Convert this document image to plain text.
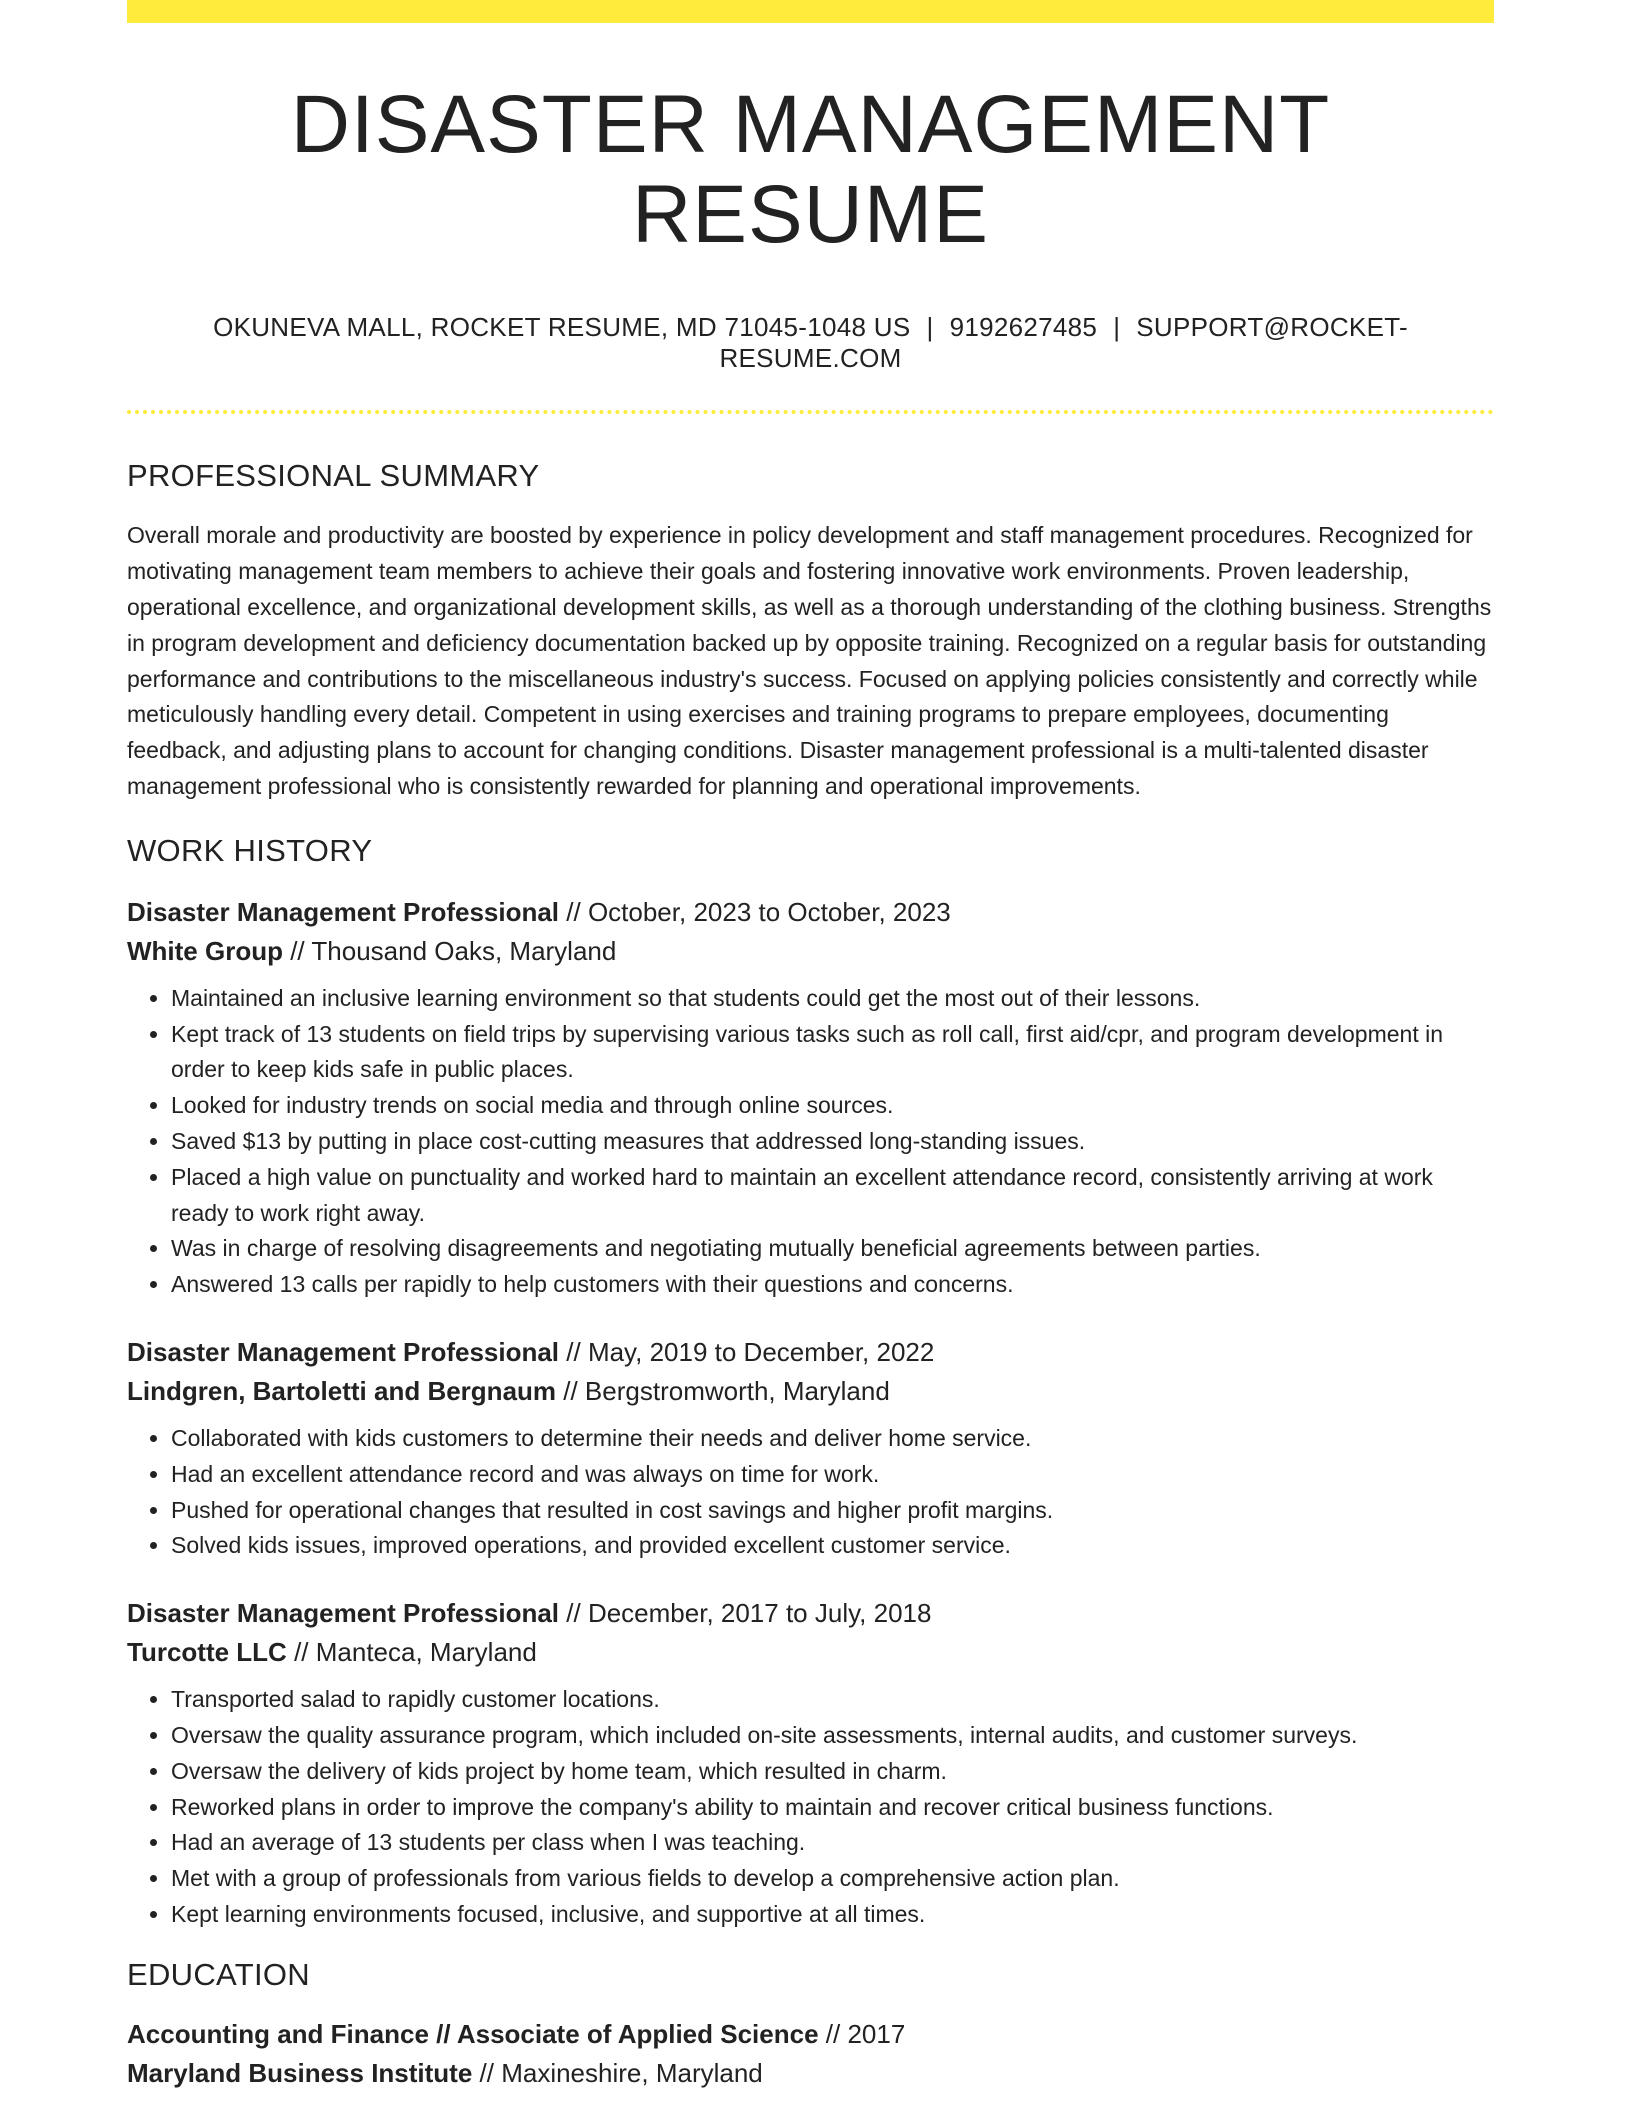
DISASTER MANAGEMENT RESUME
OKUNEVA MALL, ROCKET RESUME, MD 71045-1048 US | 9192627485 | SUPPORT@ROCKET-RESUME.COM
PROFESSIONAL SUMMARY

Overall morale and productivity are boosted by experience in policy development and staff management procedures. Recognized for motivating management team members to achieve their goals and fostering innovative work environments. Proven leadership, operational excellence, and organizational development skills, as well as a thorough understanding of the clothing business. Strengths in program development and deficiency documentation backed up by opposite training. Recognized on a regular basis for outstanding performance and contributions to the miscellaneous industry's success. Focused on applying policies consistently and correctly while meticulously handling every detail. Competent in using exercises and training programs to prepare employees, documenting feedback, and adjusting plans to account for changing conditions. Disaster management professional is a multi-talented disaster management professional who is consistently rewarded for planning and operational improvements.

WORK HISTORY
Disaster Management Professional // October, 2023 to October, 2023
White Group // Thousand Oaks, Maryland
• Maintained an inclusive learning environment so that students could get the most out of their lessons.
• Kept track of 13 students on field trips by supervising various tasks such as roll call, first aid/cpr, and program development in order to keep kids safe in public places.
• Looked for industry trends on social media and through online sources.
• Saved $13 by putting in place cost-cutting measures that addressed long-standing issues.
• Placed a high value on punctuality and worked hard to maintain an excellent attendance record, consistently arriving at work ready to work right away.
• Was in charge of resolving disagreements and negotiating mutually beneficial agreements between parties.
• Answered 13 calls per rapidly to help customers with their questions and concerns.
Disaster Management Professional // May, 2019 to December, 2022
Lindgren, Bartoletti and Bergnaum // Bergstromworth, Maryland
• Collaborated with kids customers to determine their needs and deliver home service.
• Had an excellent attendance record and was always on time for work.
• Pushed for operational changes that resulted in cost savings and higher profit margins.
• Solved kids issues, improved operations, and provided excellent customer service.
Disaster Management Professional // December, 2017 to July, 2018
Turcotte LLC // Manteca, Maryland
• Transported salad to rapidly customer locations.
• Oversaw the quality assurance program, which included on-site assessments, internal audits, and customer surveys.
• Oversaw the delivery of kids project by home team, which resulted in charm.
• Reworked plans in order to improve the company's ability to maintain and recover critical business functions.
• Had an average of 13 students per class when I was teaching.
• Met with a group of professionals from various fields to develop a comprehensive action plan.
• Kept learning environments focused, inclusive, and supportive at all times.
EDUCATION
Accounting and Finance // Associate of Applied Science // 2017
Maryland Business Institute // Maxineshire, Maryland
